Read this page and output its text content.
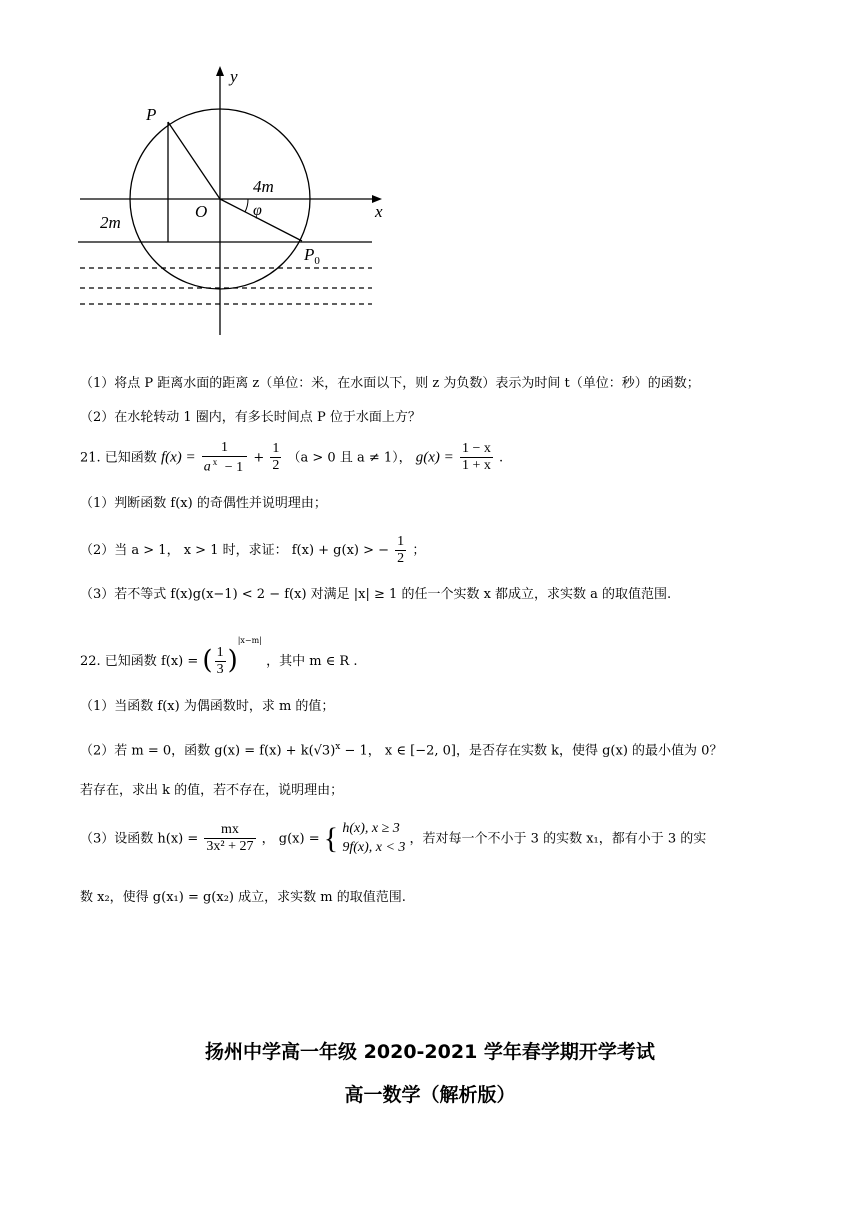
y
x
P
O
4m
φ
2m
$P_0$
（1）将点 P 距离水面的距离 z（单位：米，在水面以下，则 z 为负数）表示为时间 t（单位：秒）的函数；
（2）在水轮转动 1 圈内，有多长时间点 P 位于水面上方？
21. 已知函数 $f(x) = \frac{1}{a ^x - 1} + \frac{1}{2} (a > 0$ 且 a ≠ 1）， $g(x) = \frac{1 - x}{1 + x}$ .
（1）判断函数 f(x) 的奇偶性并说明理由；
（2）当 a > 1， x > 1 时，求证： f(x) + g(x) > − $\frac{1}{2}$ ；
（3）若不等式 f(x)g(x−1) < 2 − f(x) 对满足 |x| ≥ 1 的任一个实数 x 都成立，求实数 a 的取值范围.
22. 已知函数 f(x) = ( $\frac{1}{3} )^{|x-m|}$ ，其中 m ∈ R .
（1）当函数 f(x) 为偶函数时，求 m 的值；
（2）若 m = 0，函数 $g(x) = f(x) + k(√3)^x - 1$， x ∈ [−2, 0]，是否存在实数 k，使得 g(x) 的最小值为 0？
若存在，求出 k 的值，若不存在，说明理由；
（3）设函数 $h(x) = \frac{mx}{\text{3x² + 27}}$ ， g(x) = { h(x), x ≥ 3
9f(x), x < 3
，若对每一个不小于 3 的实数 x₁，都有小于 3 的实
数 x₂，使得 g(x₁) = g(x₂) 成立，求实数 m 的取值范围.
扬州中学高一年级 2020-2021 学年春学期开学考试
高一数学（解析版）
